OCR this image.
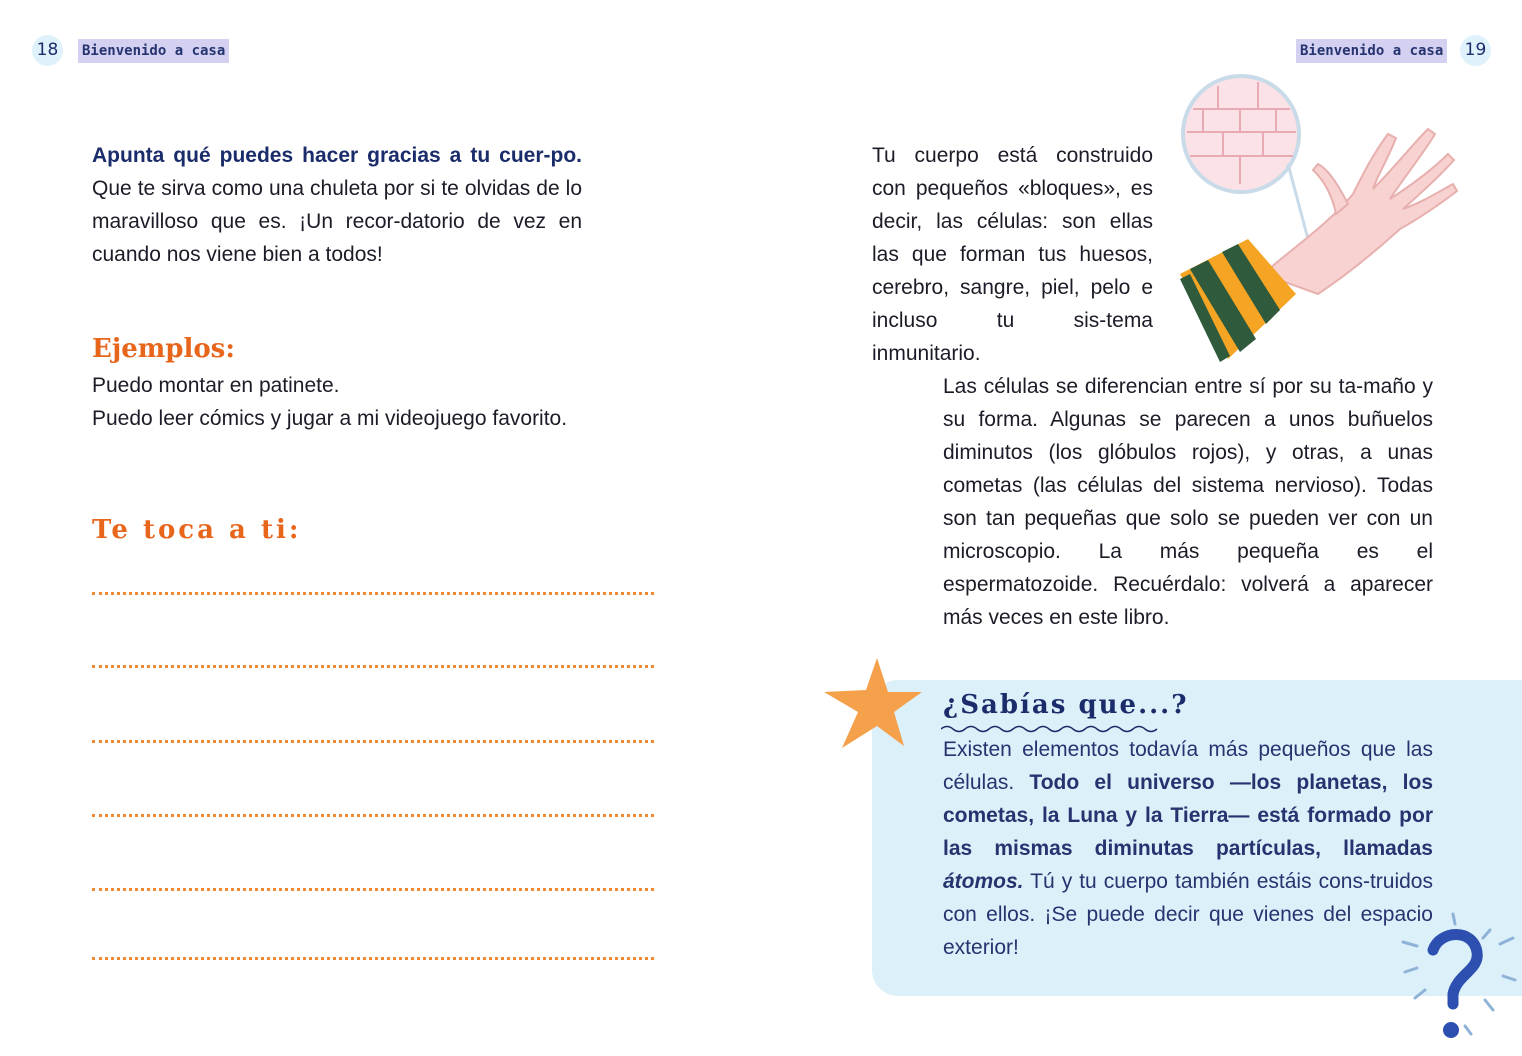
18	Bienvenido a casa

Apunta qué puedes hacer gracias a tu cuer-po. Que te sirva como una chuleta por si te olvidas de lo maravilloso que es. ¡Un recor-datorio de vez en cuando nos viene bien a todos!

Ejemplos:

Puedo montar en patinete.

Puedo leer cómics y jugar a mi videojuego favorito.

Te toca a ti:
19
Bienvenido a casa

Tu cuerpo está construido con pequeños «bloques», es decir, las células: son ellas las que forman tus huesos, cerebro, sangre, piel, pelo e incluso tu sis-tema inmunitario.

Las células se diferencian entre sí por su ta-maño y su forma. Algunas se parecen a unos buñuelos diminutos (los glóbulos rojos), y otras, a unas cometas (las células del sistema nervioso). Todas son tan pequeñas que solo se pueden ver con un microscopio. La más pequeña es el espermatozoide. Recuérdalo: volverá a aparecer más veces en este libro.

¿Sabías que...?

Existen elementos todavía más pequeños que las células. Todo el universo —los planetas, los cometas, la Luna y la Tierra— está formado por las mismas diminutas partículas, llamadas átomos. Tú y tu cuerpo también estáis cons-truidos con ellos. ¡Se puede decir que vienes del espacio exterior!
